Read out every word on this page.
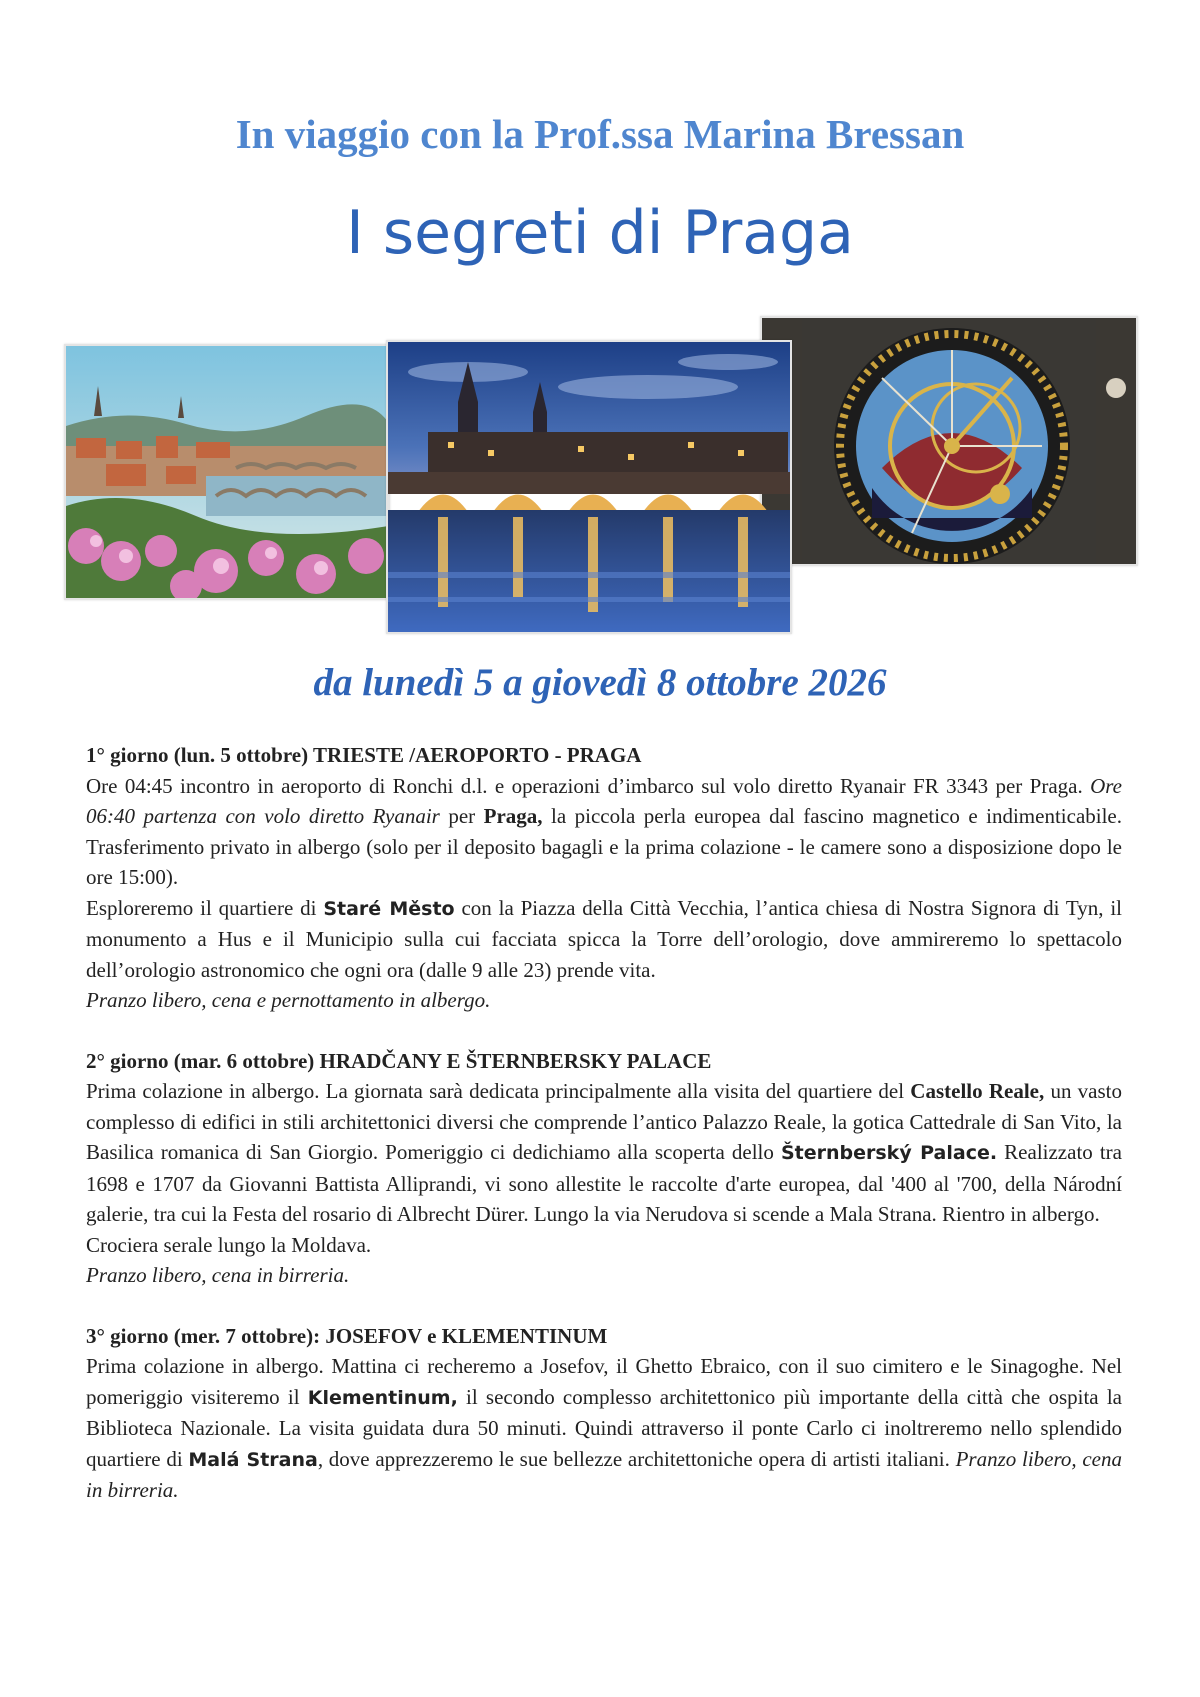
In viaggio con la Prof.ssa Marina Bressan
I segreti di Praga
da lunedì 5 a giovedì 8 ottobre 2026
1° giorno (lun. 5 ottobre) TRIESTE /AEROPORTO - PRAGA

Ore 04:45 incontro in aeroporto di Ronchi d.l. e operazioni d’imbarco sul volo diretto Ryanair FR 3343 per Praga. Ore 06:40 partenza con volo diretto Ryanair per Praga, la piccola perla europea dal fascino magnetico e indimenticabile. Trasferimento privato in albergo (solo per il deposito bagagli e la prima colazione - le camere sono a disposizione dopo le ore 15:00).

Esploreremo il quartiere di Staré Město con la Piazza della Città Vecchia, l’antica chiesa di Nostra Signora di Tyn, il monumento a Hus e il Municipio sulla cui facciata spicca la Torre dell’orologio, dove ammireremo lo spettacolo dell’orologio astronomico che ogni ora (dalle 9 alle 23) prende vita.

Pranzo libero, cena e pernottamento in albergo.

2° giorno (mar. 6 ottobre) HRADČANY E ŠTERNBERSKY PALACE

Prima colazione in albergo. La giornata sarà dedicata principalmente alla visita del quartiere del Castello Reale, un vasto complesso di edifici in stili architettonici diversi che comprende l’antico Palazzo Reale, la gotica Cattedrale di San Vito, la Basilica romanica di San Giorgio. Pomeriggio ci dedichiamo alla scoperta dello Šternberský Palace. Realizzato tra 1698 e 1707 da Giovanni Battista Alliprandi, vi sono allestite le raccolte d'arte europea, dal '400 al '700, della Národní galerie, tra cui la Festa del rosario di Albrecht Dürer. Lungo la via Nerudova si scende a Mala Strana. Rientro in albergo.

Crociera serale lungo la Moldava.

Pranzo libero, cena in birreria.

3° giorno (mer. 7 ottobre): JOSEFOV e KLEMENTINUM

Prima colazione in albergo. Mattina ci recheremo a Josefov, il Ghetto Ebraico, con il suo cimitero e le Sinagoghe. Nel pomeriggio visiteremo il Klementinum, il secondo complesso architettonico più importante della città che ospita la Biblioteca Nazionale. La visita guidata dura 50 minuti. Quindi attraverso il ponte Carlo ci inoltreremo nello splendido quartiere di Malá Strana, dove apprezzeremo le sue bellezze architettoniche opera di artisti italiani. Pranzo libero, cena in birreria.
